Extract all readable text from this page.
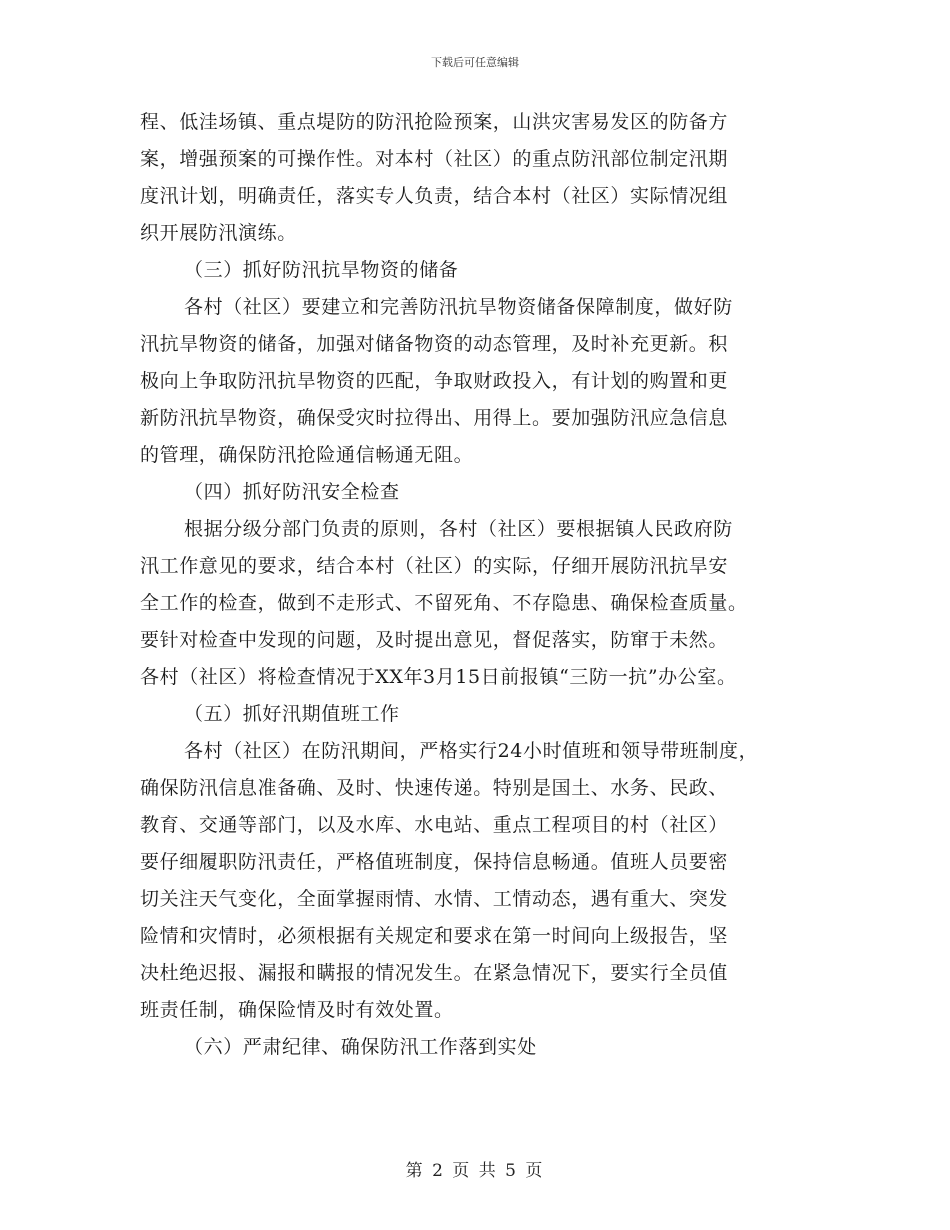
下载后可任意编辑
程、低洼场镇、重点堤防的防汛抢险预案，山洪灾害易发区的防备方
案，增强预案的可操作性。对本村（社区）的重点防汛部位制定汛期
度汛计划，明确责任，落实专人负责，结合本村（社区）实际情况组
织开展防汛演练。
（三）抓好防汛抗旱物资的储备
各村（社区）要建立和完善防汛抗旱物资储备保障制度，做好防
汛抗旱物资的储备，加强对储备物资的动态管理，及时补充更新。积
极向上争取防汛抗旱物资的匹配，争取财政投入，有计划的购置和更
新防汛抗旱物资，确保受灾时拉得出、用得上。要加强防汛应急信息
的管理，确保防汛抢险通信畅通无阻。
（四）抓好防汛安全检查
根据分级分部门负责的原则，各村（社区）要根据镇人民政府防
汛工作意见的要求，结合本村（社区）的实际，仔细开展防汛抗旱安
全工作的检查，做到不走形式、不留死角、不存隐患、确保检查质量。
要针对检查中发现的问题，及时提出意见，督促落实，防窜于未然。
各村（社区）将检查情况于XX年3月15日前报镇“三防一抗”办公室。
（五）抓好汛期值班工作
各村（社区）在防汛期间，严格实行24小时值班和领导带班制度，
确保防汛信息准备确、及时、快速传递。特别是国土、水务、民政、
教育、交通等部门，以及水库、水电站、重点工程项目的村（社区）
要仔细履职防汛责任，严格值班制度，保持信息畅通。值班人员要密
切关注天气变化，全面掌握雨情、水情、工情动态，遇有重大、突发
险情和灾情时，必须根据有关规定和要求在第一时间向上级报告，坚
决杜绝迟报、漏报和瞒报的情况发生。在紧急情况下，要实行全员值
班责任制，确保险情及时有效处置。
（六）严肃纪律、确保防汛工作落到实处
第 2 页 共 5 页
